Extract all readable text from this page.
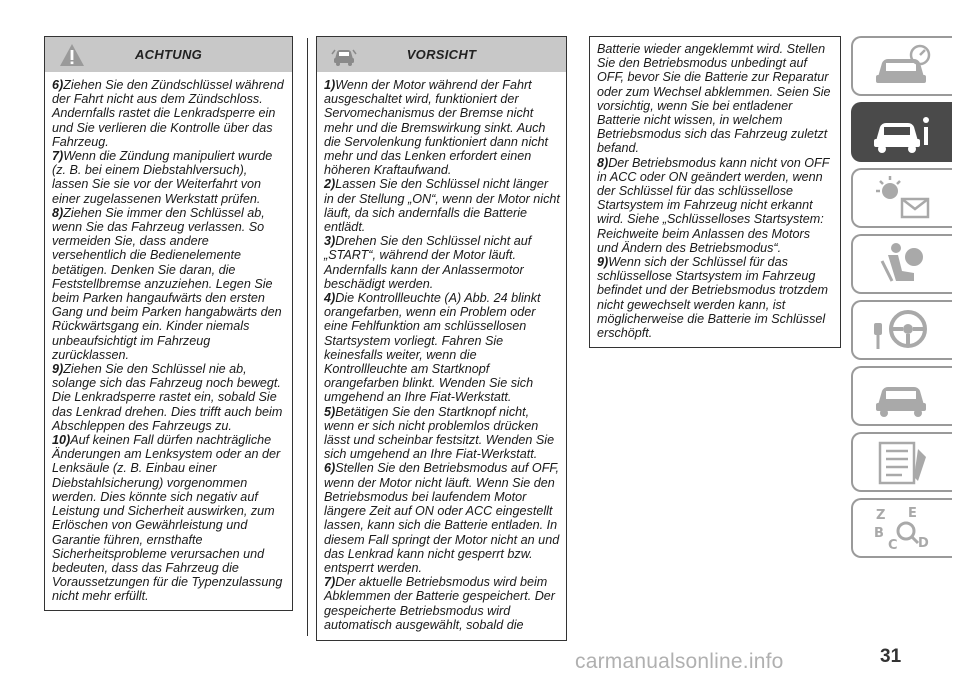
ACHTUNG

6)Ziehen Sie den Zündschlüssel während der Fahrt nicht aus dem Zündschloss. Andernfalls rastet die Lenkradsperre ein und Sie verlieren die Kontrolle über das Fahrzeug.

7)Wenn die Zündung manipuliert wurde (z. B. bei einem Diebstahlversuch), lassen Sie sie vor der Weiterfahrt von einer zugelassenen Werkstatt prüfen.

8)Ziehen Sie immer den Schlüssel ab, wenn Sie das Fahrzeug verlassen. So vermeiden Sie, dass andere versehentlich die Bedienelemente betätigen. Denken Sie daran, die Feststellbremse anzuziehen. Legen Sie beim Parken hangaufwärts den ersten Gang und beim Parken hangabwärts den Rückwärtsgang ein. Kinder niemals unbeaufsichtigt im Fahrzeug zurücklassen.

9)Ziehen Sie den Schlüssel nie ab, solange sich das Fahrzeug noch bewegt. Die Lenkradsperre rastet ein, sobald Sie das Lenkrad drehen. Dies trifft auch beim Abschleppen des Fahrzeugs zu.

10)Auf keinen Fall dürfen nachträgliche Änderungen am Lenksystem oder an der Lenksäule (z. B. Einbau einer Diebstahlsicherung) vorgenommen werden. Dies könnte sich negativ auf Leistung und Sicherheit auswirken, zum Erlöschen von Gewährleistung und Garantie führen, ernsthafte Sicherheitsprobleme verursachen und bedeuten, dass das Fahrzeug die Voraussetzungen für die Typenzulassung nicht mehr erfüllt.

VORSICHT

1)Wenn der Motor während der Fahrt ausgeschaltet wird, funktioniert der Servomechanismus der Bremse nicht mehr und die Bremswirkung sinkt. Auch die Servolenkung funktioniert dann nicht mehr und das Lenken erfordert einen höheren Kraftaufwand.

2)Lassen Sie den Schlüssel nicht länger in der Stellung „ON“, wenn der Motor nicht läuft, da sich andernfalls die Batterie entlädt.

3)Drehen Sie den Schlüssel nicht auf „START“, während der Motor läuft. Andernfalls kann der Anlassermotor beschädigt werden.

4)Die Kontrollleuchte (A) Abb. 24 blinkt orangefarben, wenn ein Problem oder eine Fehlfunktion am schlüssellosen Startsystem vorliegt. Fahren Sie keinesfalls weiter, wenn die Kontrollleuchte am Startknopf orangefarben blinkt. Wenden Sie sich umgehend an Ihre Fiat-Werkstatt.

5)Betätigen Sie den Startknopf nicht, wenn er sich nicht problemlos drücken lässt und scheinbar festsitzt. Wenden Sie sich umgehend an Ihre Fiat-Werkstatt.

6)Stellen Sie den Betriebsmodus auf OFF, wenn der Motor nicht läuft. Wenn Sie den Betriebsmodus bei laufendem Motor längere Zeit auf ON oder ACC eingestellt lassen, kann sich die Batterie entladen. In diesem Fall springt der Motor nicht an und das Lenkrad kann nicht gesperrt bzw. entsperrt werden.

7)Der aktuelle Betriebsmodus wird beim Abklemmen der Batterie gespeichert. Der gespeicherte Betriebsmodus wird automatisch ausgewählt, sobald die

Batterie wieder angeklemmt wird. Stellen Sie den Betriebsmodus unbedingt auf OFF, bevor Sie die Batterie zur Reparatur oder zum Wechsel abklemmen. Seien Sie vorsichtig, wenn Sie bei entladener Batterie nicht wissen, in welchem Betriebsmodus sich das Fahrzeug zuletzt befand.

8)Der Betriebsmodus kann nicht von OFF in ACC oder ON geändert werden, wenn der Schlüssel für das schlüssellose Startsystem im Fahrzeug nicht erkannt wird. Siehe „Schlüsselloses Startsystem: Reichweite beim Anlassen des Motors und Ändern des Betriebsmodus“.

9)Wenn sich der Schlüssel für das schlüssellose Startsystem im Fahrzeug befindet und der Betriebsmodus trotzdem nicht gewechselt werden kann, ist möglicherweise die Batterie im Schlüssel erschöpft.

Z E
B
C D
carmanualsonline.info	31
